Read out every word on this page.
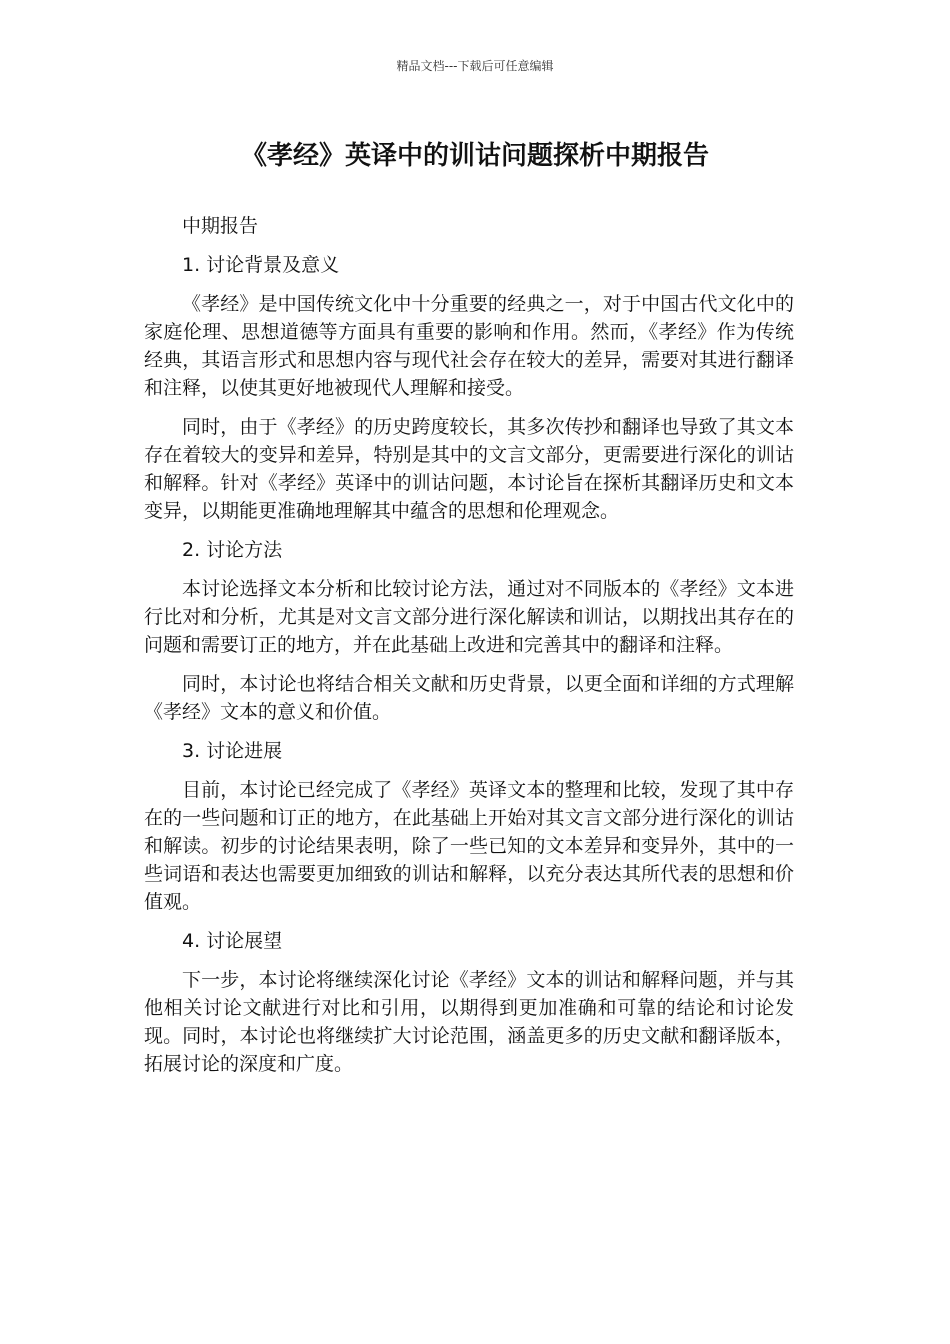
精品文档---下载后可任意编辑
《孝经》英译中的训诂问题探析中期报告

中期报告

1. 讨论背景及意义

《孝经》是中国传统文化中十分重要的经典之一，对于中国古代文化中的家庭伦理、思想道德等方面具有重要的影响和作用。然而，《孝经》作为传统经典，其语言形式和思想内容与现代社会存在较大的差异，需要对其进行翻译和注释，以使其更好地被现代人理解和接受。

同时，由于《孝经》的历史跨度较长，其多次传抄和翻译也导致了其文本存在着较大的变异和差异，特别是其中的文言文部分，更需要进行深化的训诂和解释。针对《孝经》英译中的训诂问题，本讨论旨在探析其翻译历史和文本变异，以期能更准确地理解其中蕴含的思想和伦理观念。

2. 讨论方法

本讨论选择文本分析和比较讨论方法，通过对不同版本的《孝经》文本进行比对和分析，尤其是对文言文部分进行深化解读和训诂，以期找出其存在的问题和需要订正的地方，并在此基础上改进和完善其中的翻译和注释。

同时，本讨论也将结合相关文献和历史背景，以更全面和详细的方式理解《孝经》文本的意义和价值。

3. 讨论进展

目前，本讨论已经完成了《孝经》英译文本的整理和比较，发现了其中存在的一些问题和订正的地方，在此基础上开始对其文言文部分进行深化的训诂和解读。初步的讨论结果表明，除了一些已知的文本差异和变异外，其中的一些词语和表达也需要更加细致的训诂和解释，以充分表达其所代表的思想和价值观。

4. 讨论展望

下一步，本讨论将继续深化讨论《孝经》文本的训诂和解释问题，并与其他相关讨论文献进行对比和引用，以期得到更加准确和可靠的结论和讨论发现。同时，本讨论也将继续扩大讨论范围，涵盖更多的历史文献和翻译版本，拓展讨论的深度和广度。
